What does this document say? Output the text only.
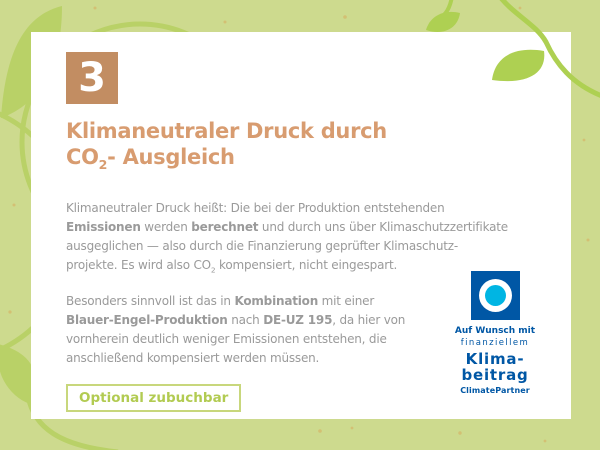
3
Klimaneutraler Druck durch
$CO_2-$ Ausgleich

Klimaneutraler Druck heißt: Die bei der Produktion entstehenden
Emissionen werden berechnet und durch uns über Klimaschutzzertifikate
ausgeglichen — also durch die Finanzierung geprüfter Klimaschutz-
projekte. Es wird also $CO_2$ kompensiert, nicht eingespart.

Besonders sinnvoll ist das in Kombination mit einer
Blauer-Engel-Produktion nach DE-UZ 195, da hier von
vornherein deutlich weniger Emissionen entstehen, die
anschließend kompensiert werden müssen.

Optional zubuchbar
Auf Wunsch mit
finanziellem
Klima-
beitrag
ClimatePartner
